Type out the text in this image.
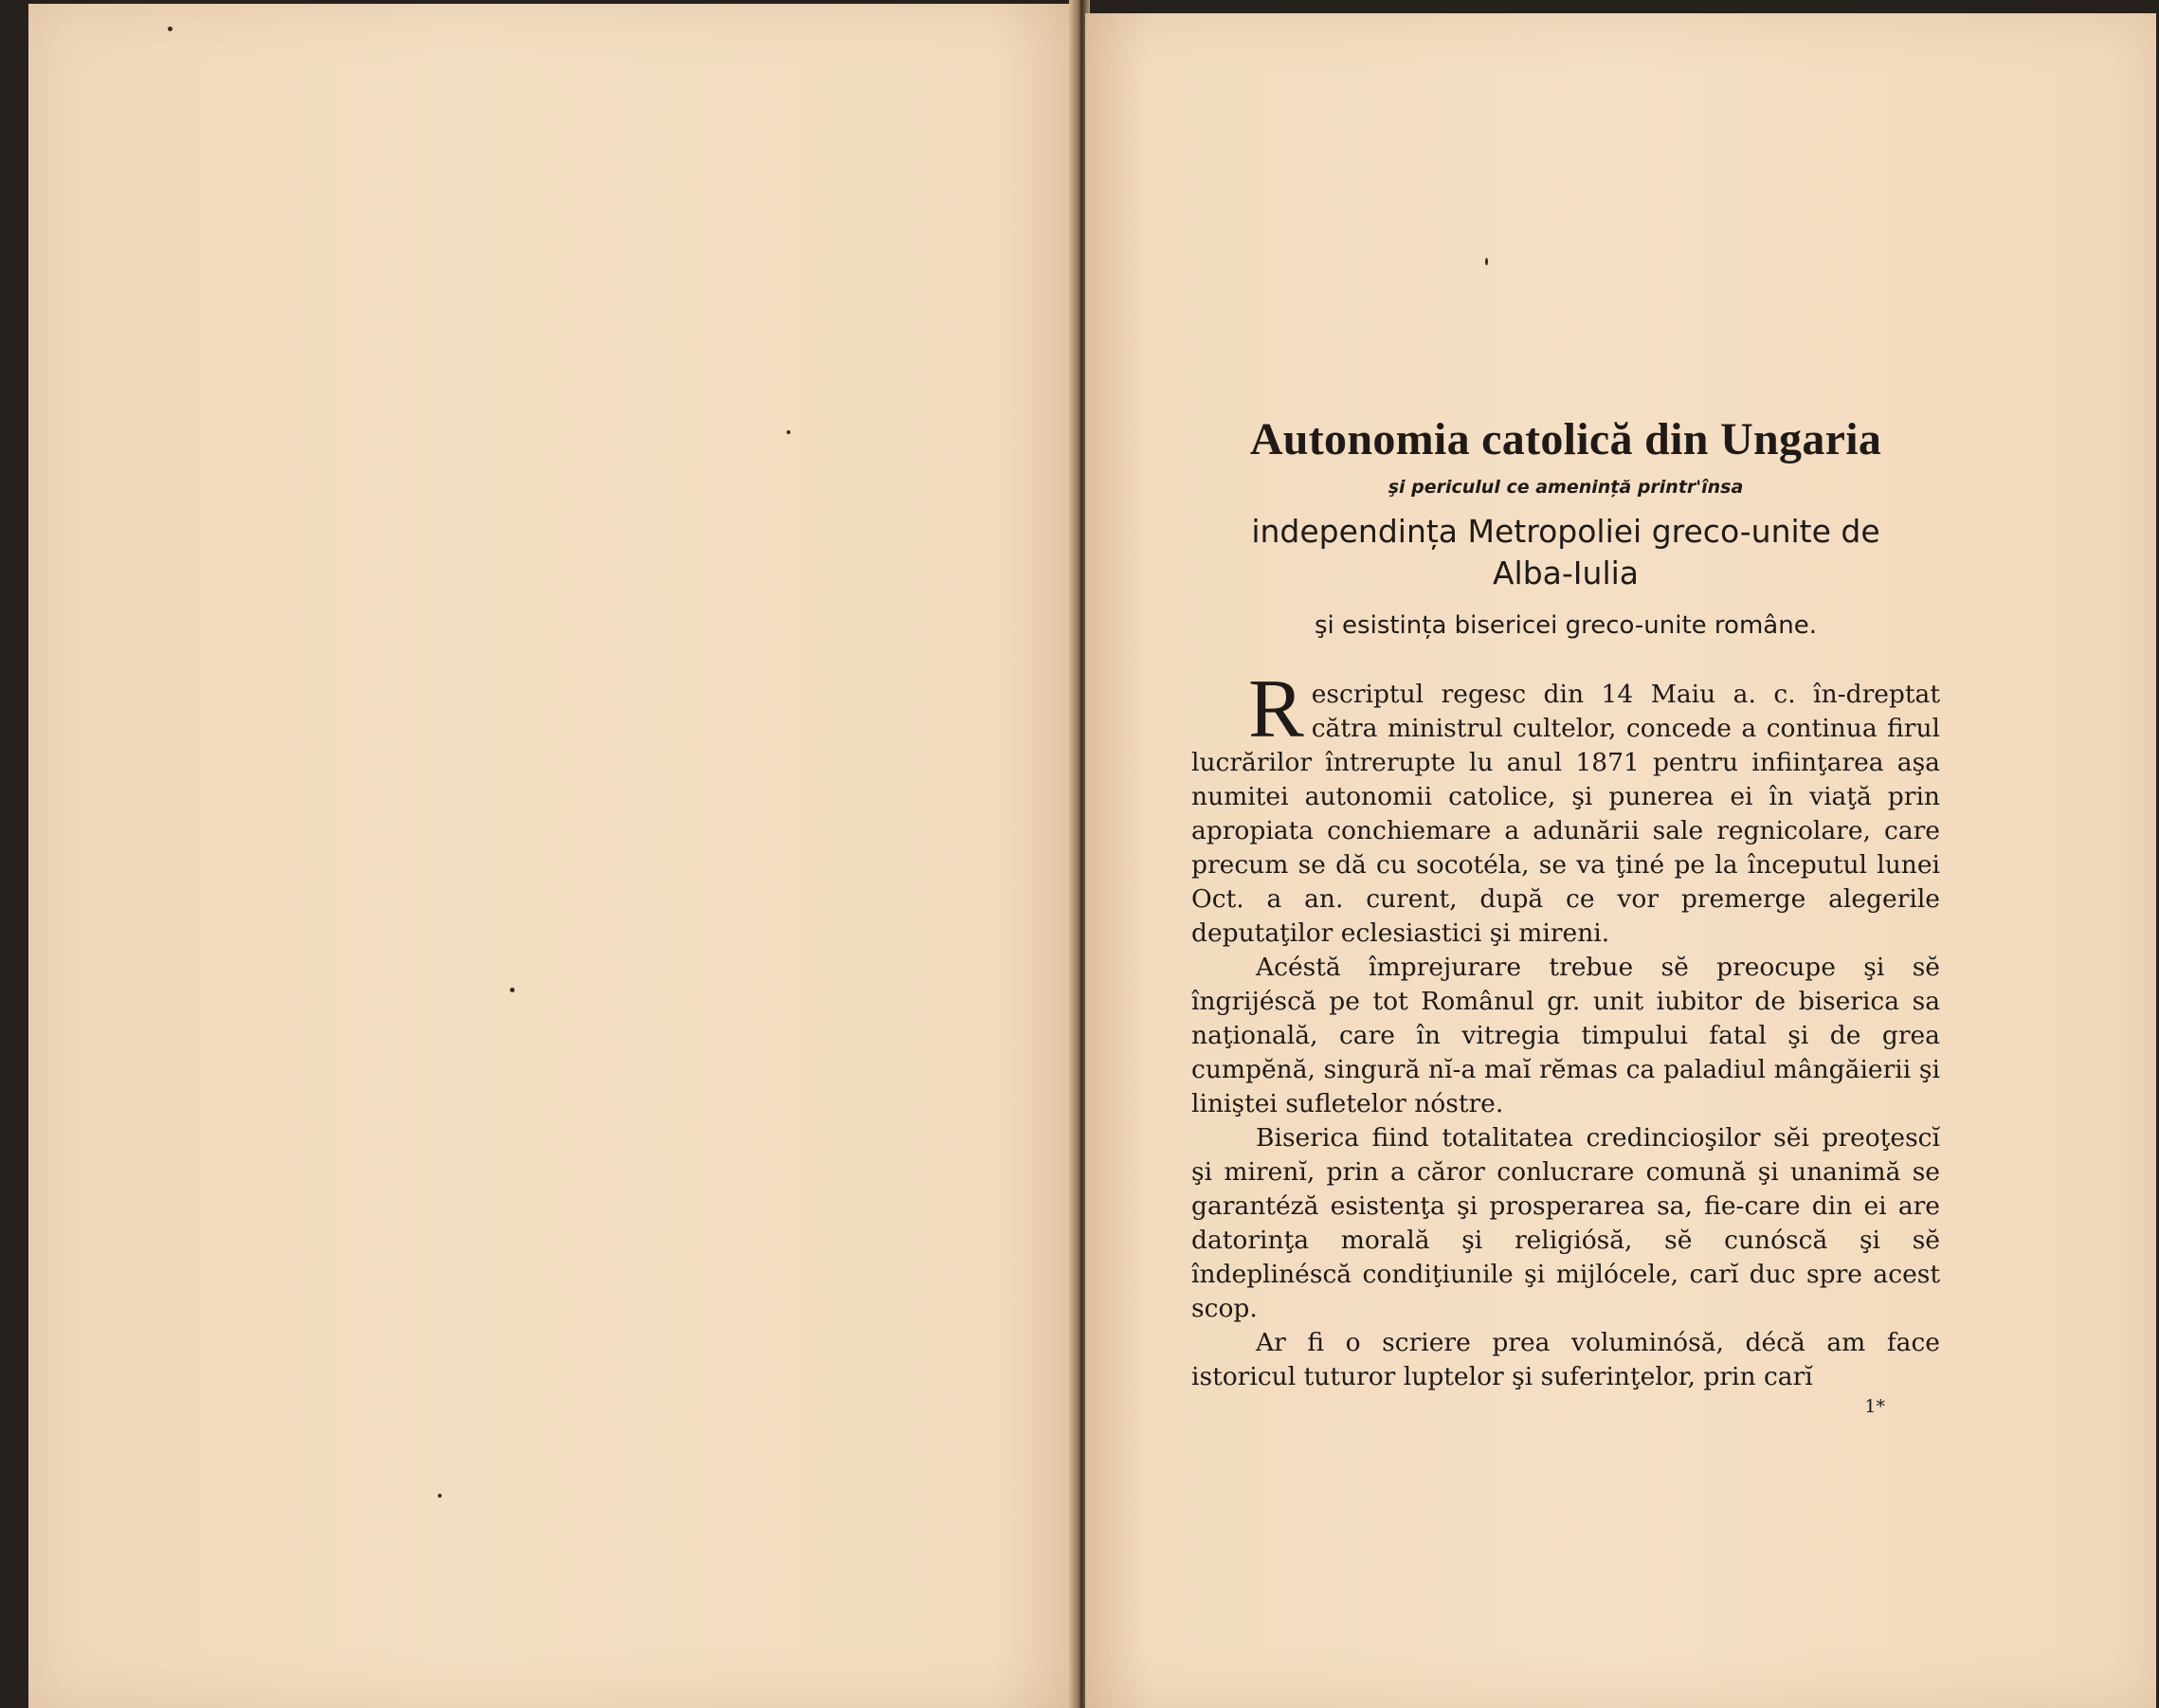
Autonomia catolică din Ungaria
şi periculul ce amenință printr'însa

independința Metropoliei greco-unite de

Alba-Iulia

şi esistința bisericei greco-unite române.

Rescriptul regesc din 14 Maiu a. c. în-dreptat cătra ministrul cultelor, concede a continua firul lucrărilor întrerupte lu anul 1871 pentru infiinţarea aşa numitei autonomii catolice, şi punerea ei în viaţă prin apropiata conchiemare a adunării sale regnicolare, care precum se dă cu socotéla, se va ţiné pe la începutul lunei Oct. a an. curent, după ce vor premerge alegerile deputaţilor eclesiastici şi mireni.

Acéstă împrejurare trebue sĕ preocupe şi sĕ îngrijéscă pe tot Românul gr. unit iubitor de biserica sa naţională, care în vitregia timpului fatal şi de grea cumpĕnă, singură nĭ-a maĭ rĕmas ca paladiul mângăierii şi liniştei sufletelor nóstre.

Biserica fiind totalitatea credincioşilor sĕi preoţescĭ şi mirenĭ, prin a căror conlucrare comună şi unanimă se garantéză esistenţa şi prosperarea sa, fie-care din ei are datorinţa morală şi religiósă, sĕ cunóscă şi sĕ îndeplinéscă condiţiunile şi mijlócele, carĭ duc spre acest scop.

Ar fi o scriere prea voluminósă, décă am face istoricul tuturor luptelor şi suferinţelor, prin carĭ

1*
